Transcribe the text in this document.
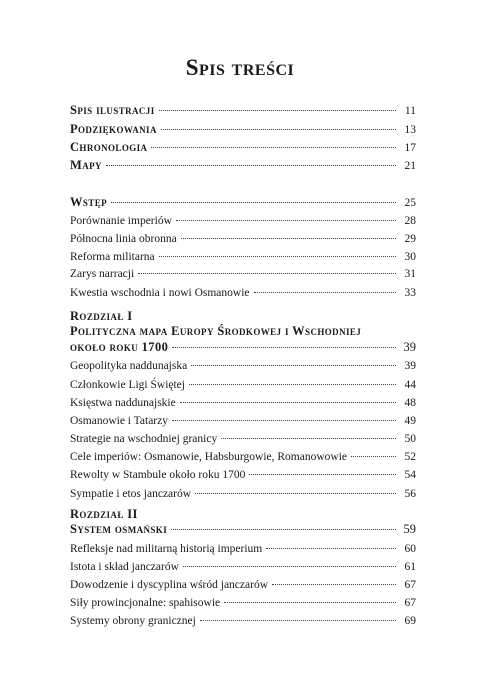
Spis treści
Spis ilustracji	11
Podziękowania	13
Chronologia	17
Mapy	21
Wstęp	25
Porównanie imperiów	28
Północna linia obronna	29
Reforma militarna	30
Zarys narracji	31
Kwestia wschodnia i nowi Osmanowie	33
Rozdział I
Polityczna mapa Europy Środkowej i Wschodniej
około roku 1700	39
Geopolityka naddunajska	39
Członkowie Ligi Świętej	44
Księstwa naddunajskie	48
Osmanowie i Tatarzy	49
Strategie na wschodniej granicy	50
Cele imperiów: Osmanowie, Habsburgowie, Romanowowie	52
Rewolty w Stambule około roku 1700	54
Sympatie i etos janczarów	56
Rozdział II
System osmański	59
Refleksje nad militarną historią imperium	60
Istota i skład janczarów	61
Dowodzenie i dyscyplina wśród janczarów	67
Siły prowincjonalne: spahisowie	67
Systemy obrony granicznej	69
